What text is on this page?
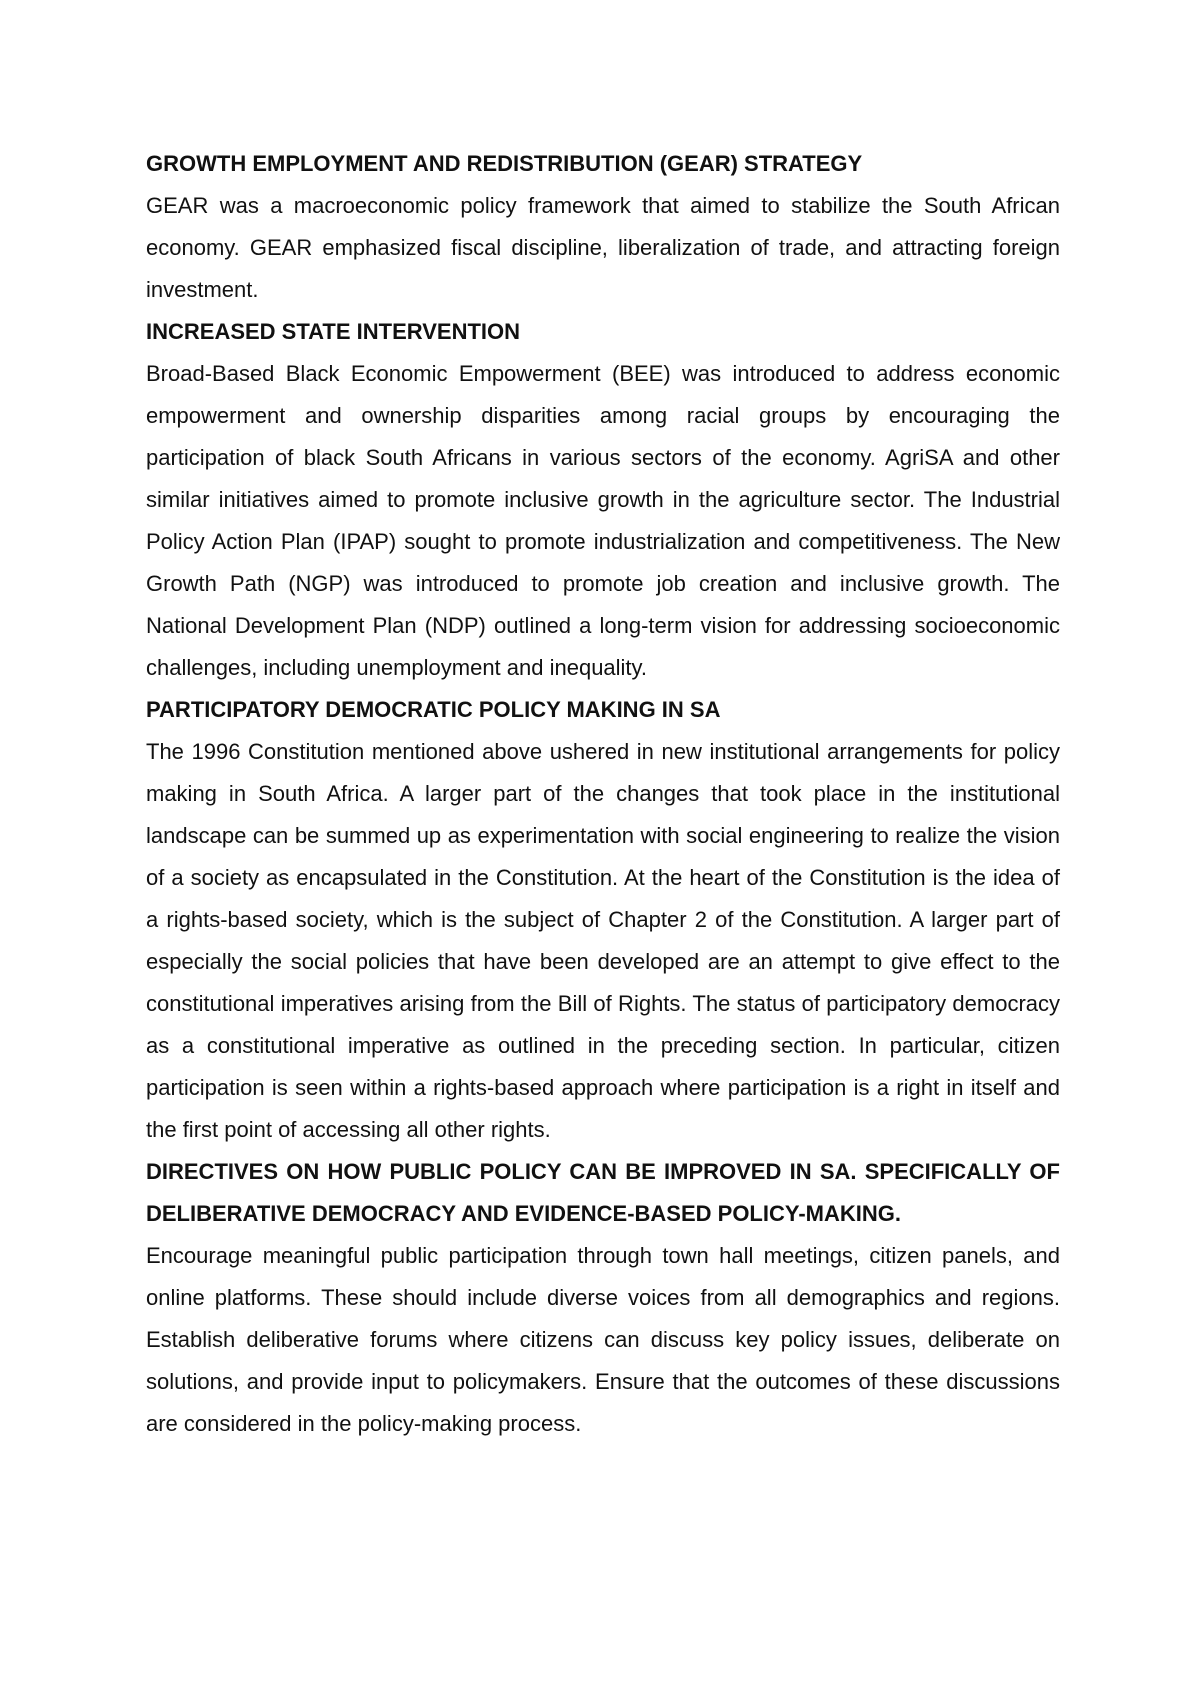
GROWTH EMPLOYMENT AND REDISTRIBUTION (GEAR) STRATEGY

GEAR was a macroeconomic policy framework that aimed to stabilize the South African economy. GEAR emphasized fiscal discipline, liberalization of trade, and attracting foreign investment.

INCREASED STATE INTERVENTION

Broad-Based Black Economic Empowerment (BEE) was introduced to address economic empowerment and ownership disparities among racial groups by encouraging the participation of black South Africans in various sectors of the economy. AgriSA and other similar initiatives aimed to promote inclusive growth in the agriculture sector. The Industrial Policy Action Plan (IPAP) sought to promote industrialization and competitiveness. The New Growth Path (NGP) was introduced to promote job creation and inclusive growth. The National Development Plan (NDP) outlined a long-term vision for addressing socioeconomic challenges, including unemployment and inequality.

PARTICIPATORY DEMOCRATIC POLICY MAKING IN SA

The 1996 Constitution mentioned above ushered in new institutional arrangements for policy making in South Africa. A larger part of the changes that took place in the institutional landscape can be summed up as experimentation with social engineering to realize the vision of a society as encapsulated in the Constitution. At the heart of the Constitution is the idea of a rights-based society, which is the subject of Chapter 2 of the Constitution. A larger part of especially the social policies that have been developed are an attempt to give effect to the constitutional imperatives arising from the Bill of Rights. The status of participatory democracy as a constitutional imperative as outlined in the preceding section. In particular, citizen participation is seen within a rights-based approach where participation is a right in itself and the first point of accessing all other rights.

DIRECTIVES ON HOW PUBLIC POLICY CAN BE IMPROVED IN SA. SPECIFICALLY OF DELIBERATIVE DEMOCRACY AND EVIDENCE-BASED POLICY-MAKING.

Encourage meaningful public participation through town hall meetings, citizen panels, and online platforms. These should include diverse voices from all demographics and regions. Establish deliberative forums where citizens can discuss key policy issues, deliberate on solutions, and provide input to policymakers. Ensure that the outcomes of these discussions are considered in the policy-making process.
